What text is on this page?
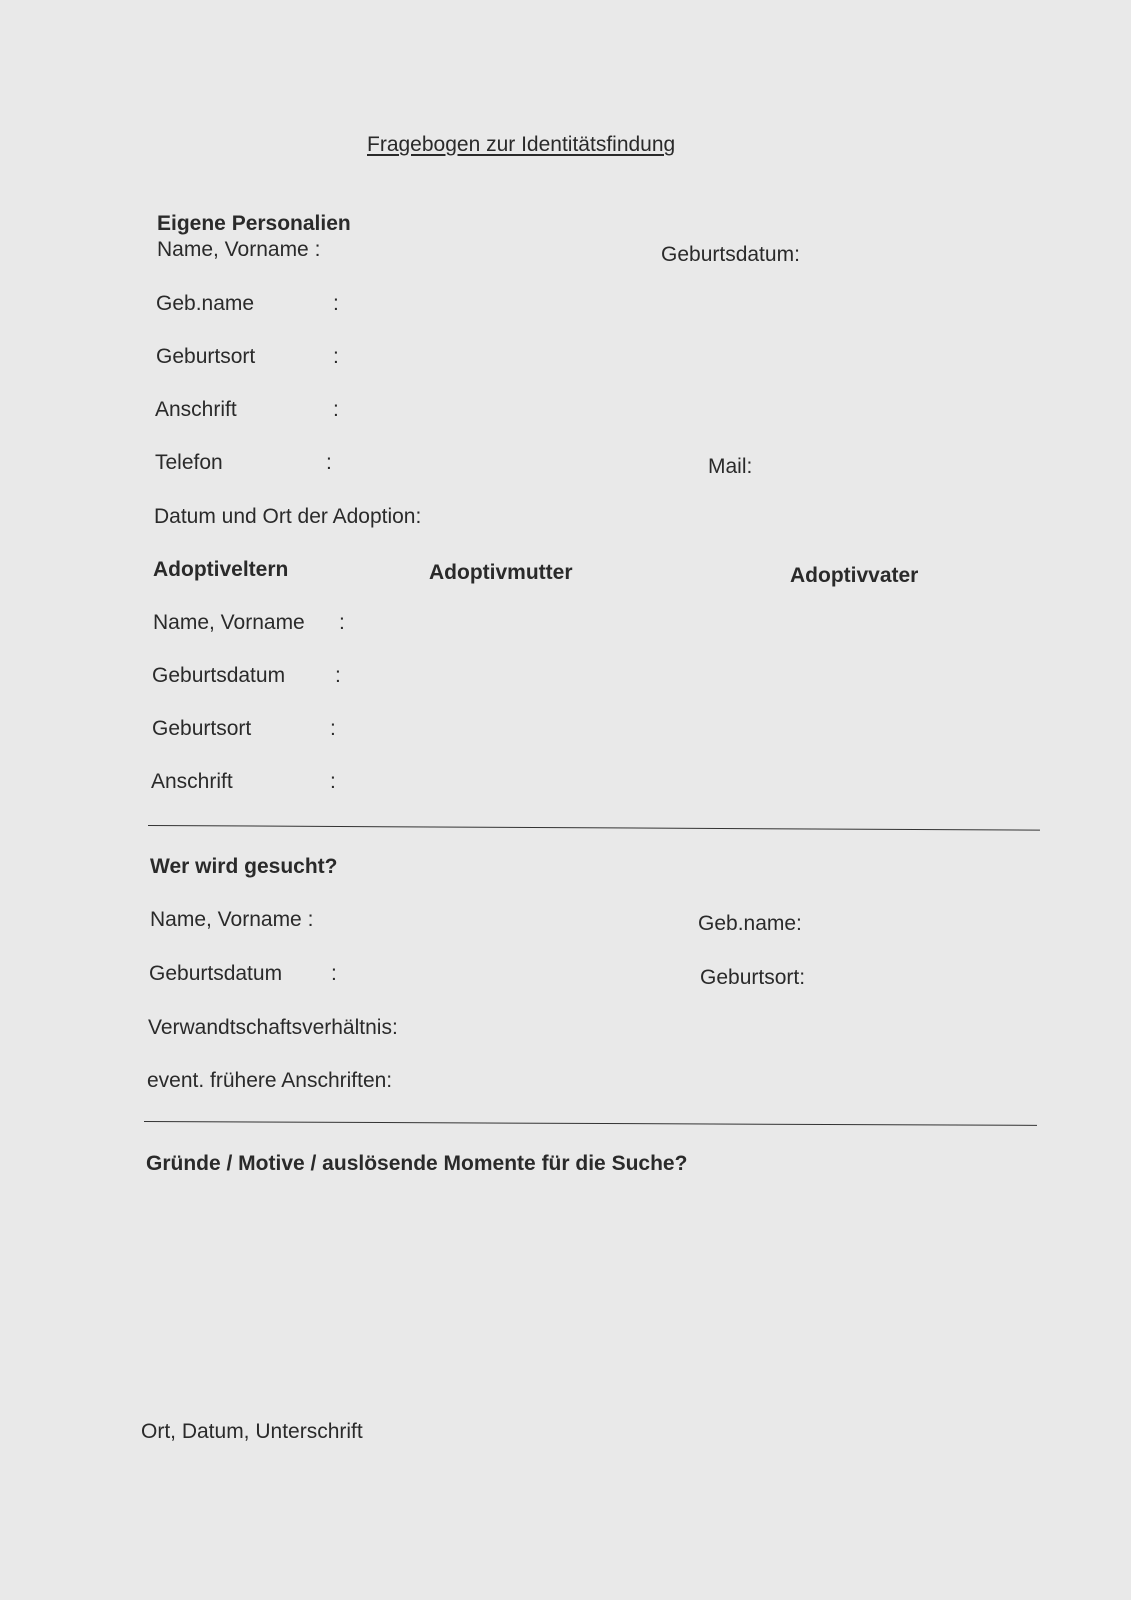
Fragebogen zur Identitätsfindung
Eigene Personalien
Name, Vorname :	Geburtsdatum:
Geb.name	:
Geburtsort	:
Anschrift	:
Telefon	:	Mail:
Datum und Ort der Adoption:
Adoptiveltern	Adoptivmutter	Adoptivvater
Name, Vorname :
Geburtsdatum :
Geburtsort	:
Anschrift	:
Wer wird gesucht?
Name, Vorname :	Geb.name:
Geburtsdatum :	Geburtsort:
Verwandtschaftsverhältnis:
event. frühere Anschriften:
Gründe / Motive / auslösende Momente für die Suche?
Ort, Datum, Unterschrift
